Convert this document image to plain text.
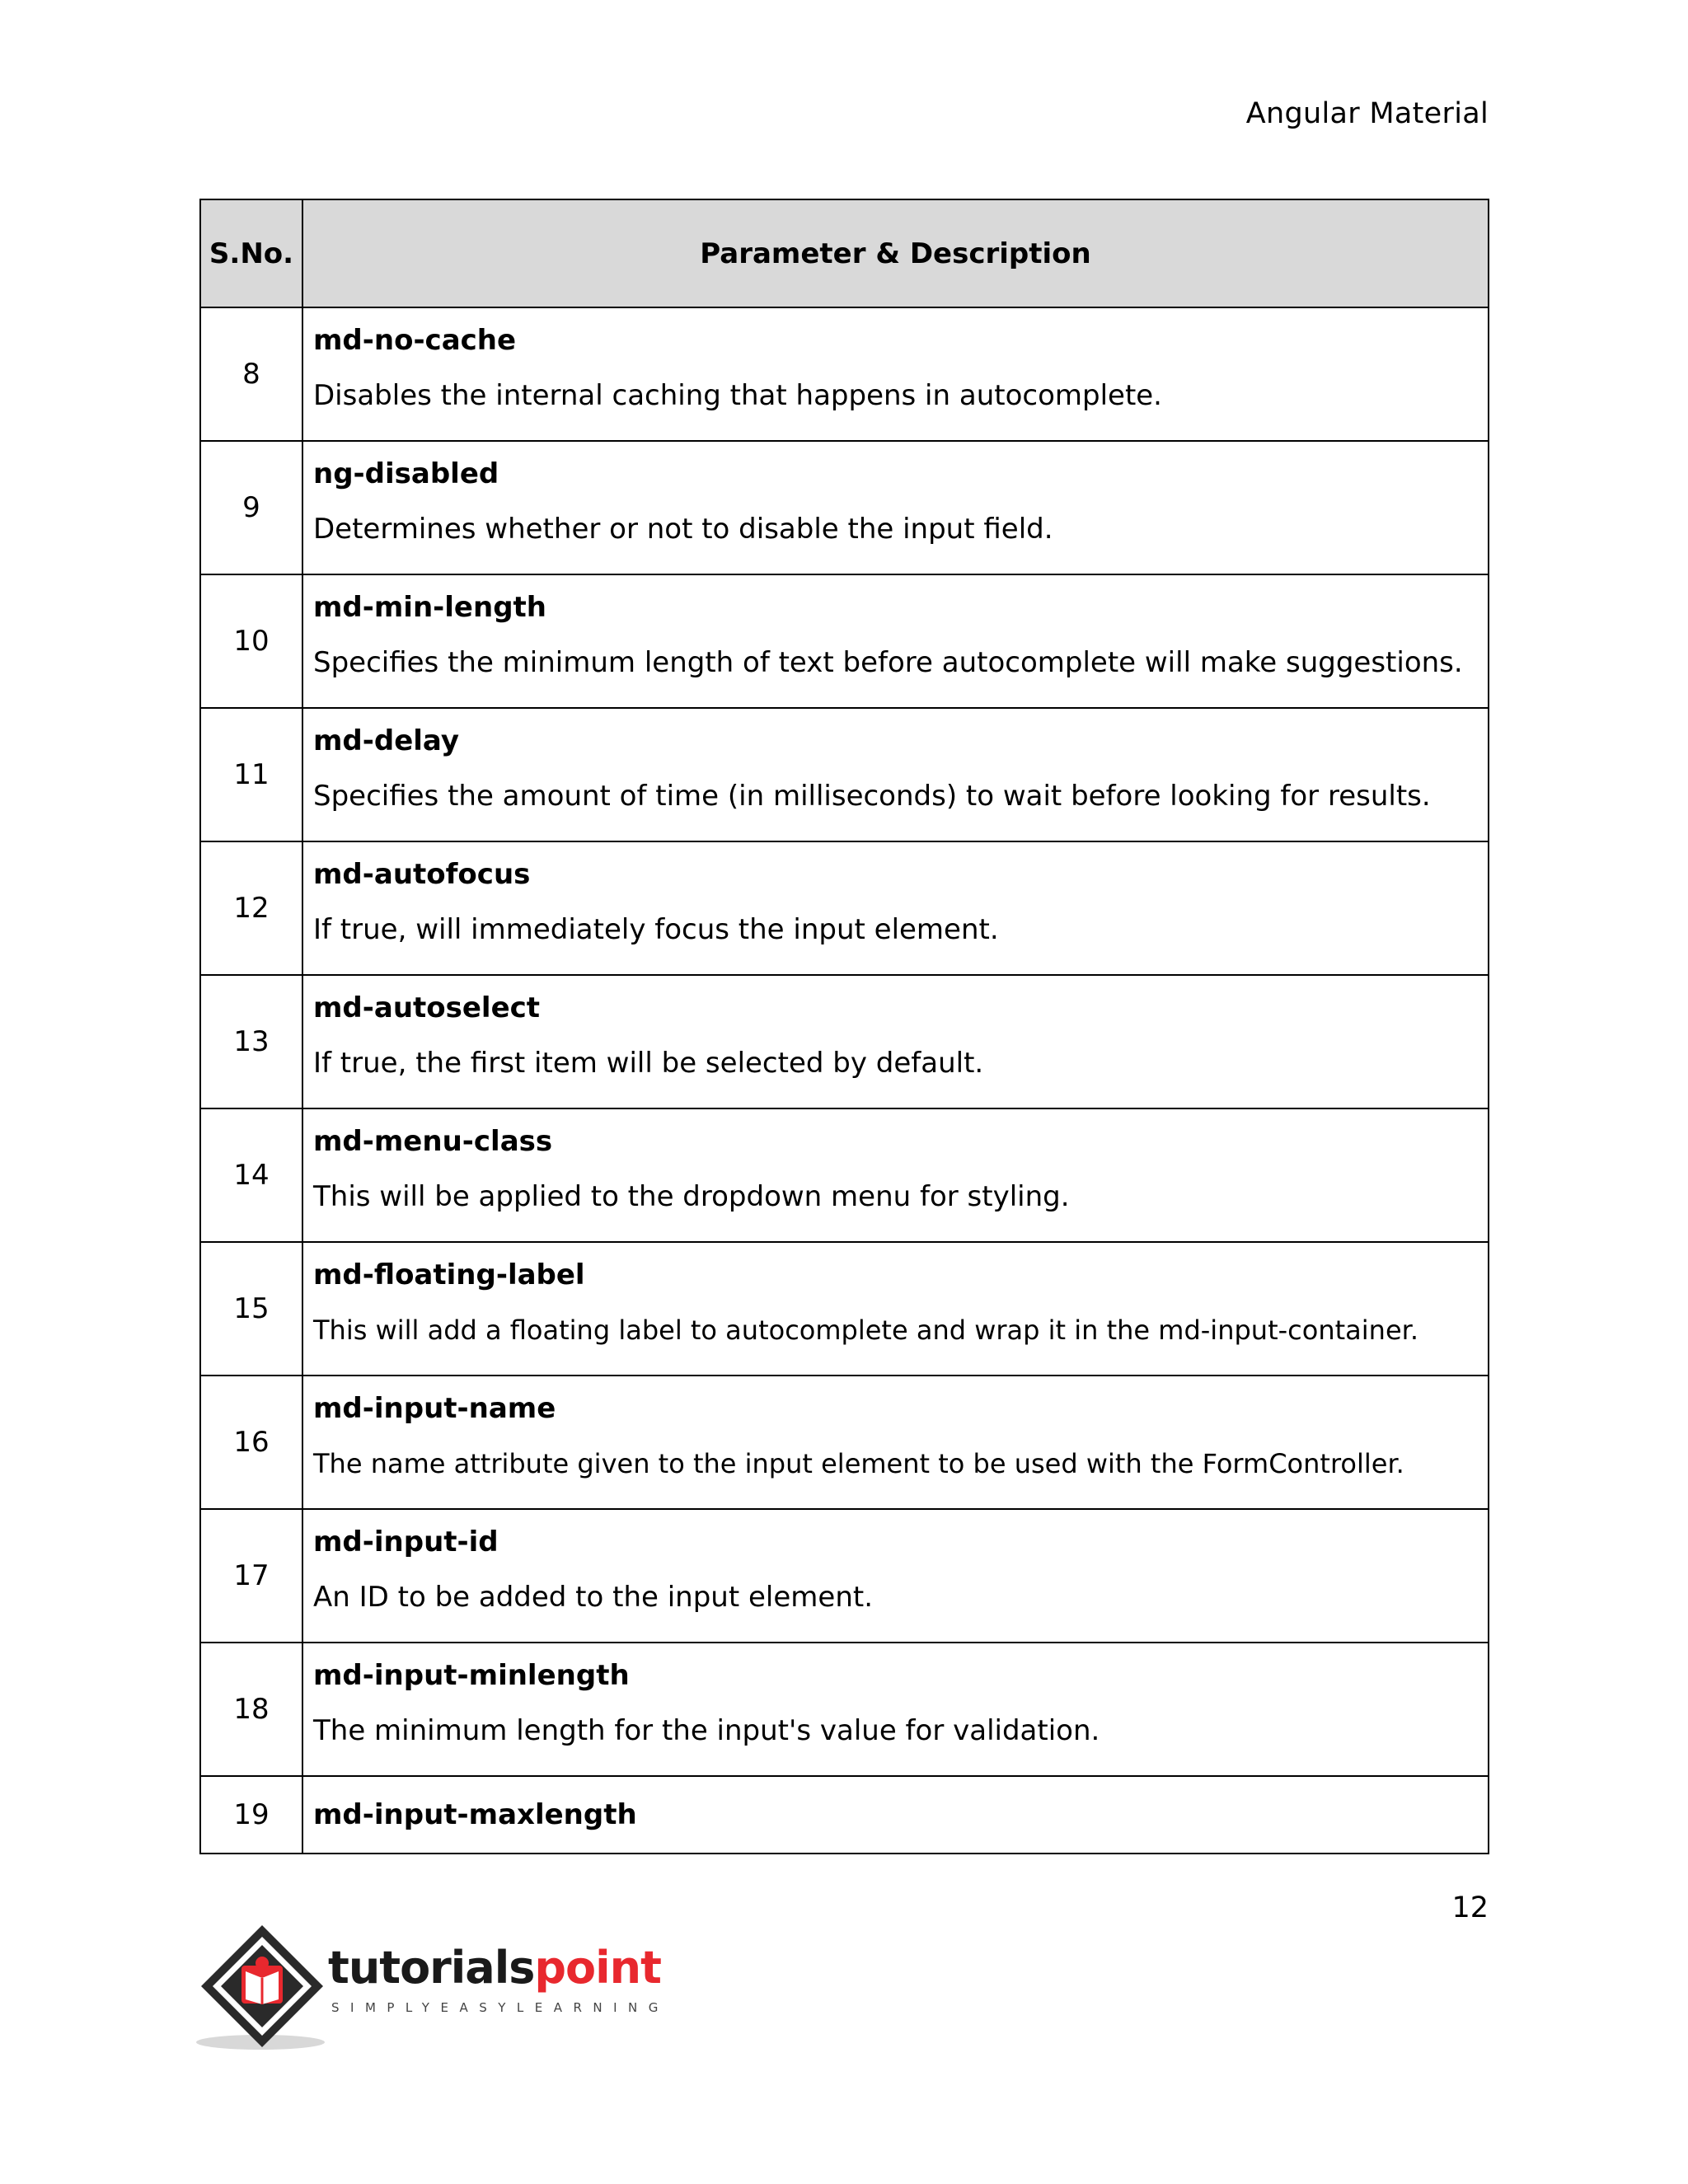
Angular Material
S.No.	Parameter & Description
8	md-no-cache
Disables the internal caching that happens in autocomplete.

9	ng-disabled
Determines whether or not to disable the input field.

10	md-min-length
Specifies the minimum length of text before autocomplete will make suggestions.

11	md-delay
Specifies the amount of time (in milliseconds) to wait before looking for results.

12	md-autofocus
If true, will immediately focus the input element.

13	md-autoselect
If true, the first item will be selected by default.

14	md-menu-class
This will be applied to the dropdown menu for styling.

15	md-floating-label
This will add a floating label to autocomplete and wrap it in the md-input-container.

16	md-input-name
The name attribute given to the input element to be used with the FormController.

17	md-input-id
An ID to be added to the input element.

18	md-input-minlength
The minimum length for the input's value for validation.

19	md-input-maxlength
12
tutorialspoint
SIMPLYEASYLEARNING
